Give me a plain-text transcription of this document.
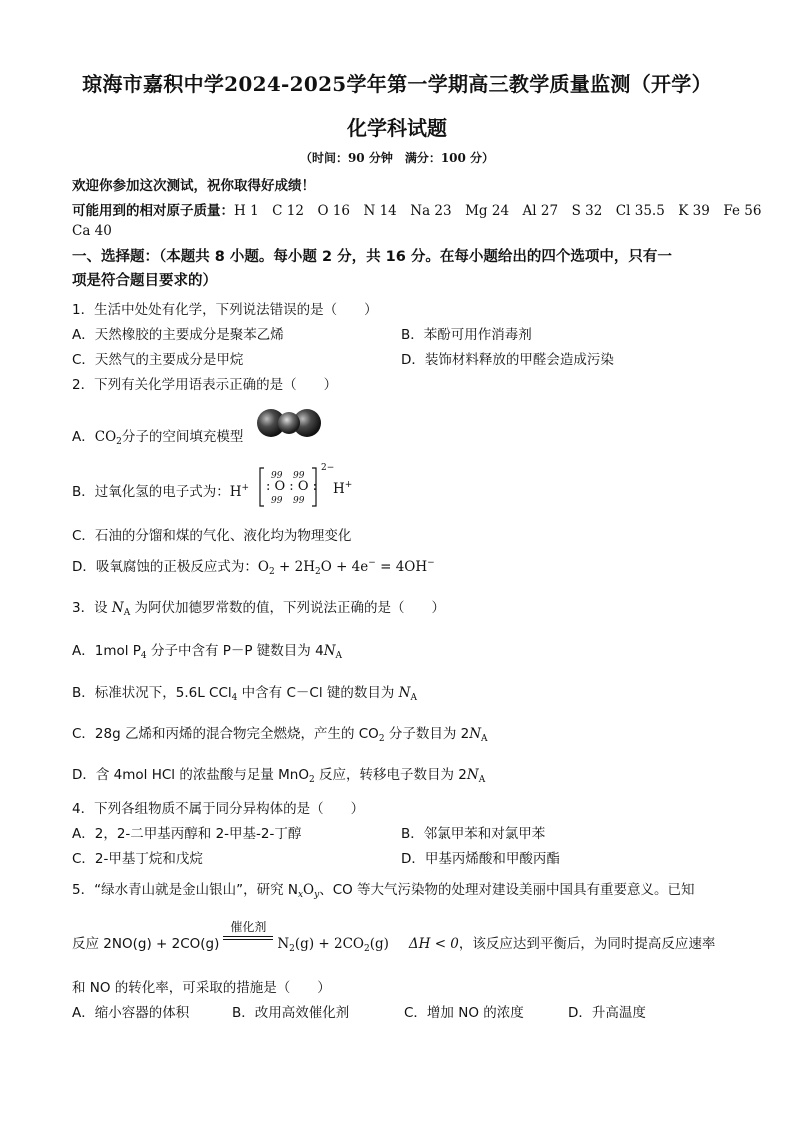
琼海市嘉积中学2024-2025学年第一学期高三教学质量监测（开学）
化学科试题
（时间：90 分钟　满分：100 分）
欢迎你参加这次测试，祝你取得好成绩！
可能用到的相对原子质量：H 1　C 12　O 16　N 14　Na 23　Mg 24　Al 27　S 32　Cl 35.5　K 39　Fe 56
Ca 40
一、选择题：（本题共 8 小题。每小题 2 分，共 16 分。在每小题给出的四个选项中，只有一
项是符合题目要求的）
1．生活中处处有化学，下列说法错误的是（　　）
A．天然橡胶的主要成分是聚苯乙烯	B．苯酚可用作消毒剂
C．天然气的主要成分是甲烷	D．装饰材料释放的甲醛会造成污染
2．下列有关化学用语表示正确的是（　　）
A．$CO_2$分子的空间填充模型
B．过氧化氢的电子式为：H+
99 99
99 99
: O : O :
2−
H+
C．石油的分馏和煤的气化、液化均为物理变化
D．吸氧腐蚀的正极反应式为：$O_2 + 2H_2O + 4e^- = 4OH^-$
3．设 $N_A$ 为阿伏加德罗常数的值，下列说法正确的是（　　）
A．1mol $P_4$ 分子中含有 P－P 键数目为 $4N_A$
B．标准状况下，5.6L CCl$_4$ 中含有 C－Cl 键的数目为 $N_A$
C．28g 乙烯和丙烯的混合物完全燃烧，产生的 $CO_2$ 分子数目为 $2N_A$
D．含 4mol HCl 的浓盐酸与足量 MnO$_2$ 反应，转移电子数目为 $2N_A$
4．下列各组物质不属于同分异构体的是（　　）
A．2，2-二甲基丙醇和 2-甲基-2-丁醇	B．邻氯甲苯和对氯甲苯
C．2-甲基丁烷和戊烷	D．甲基丙烯酸和甲酸丙酯
5．“绿水青山就是金山银山”，研究 $N_xO_y$、CO 等大气污染物的处理对建设美丽中国具有重要意义。已知
反应 2NO(g) + 2CO(g)
催化剂
$N_2(g) + 2CO_2(g) \Delta H < 0$，该反应达到平衡后，为同时提高反应速率
和 NO 的转化率，可采取的措施是（　　）
A．缩小容器的体积	B．改用高效催化剂	C．增加 NO 的浓度	D．升高温度
